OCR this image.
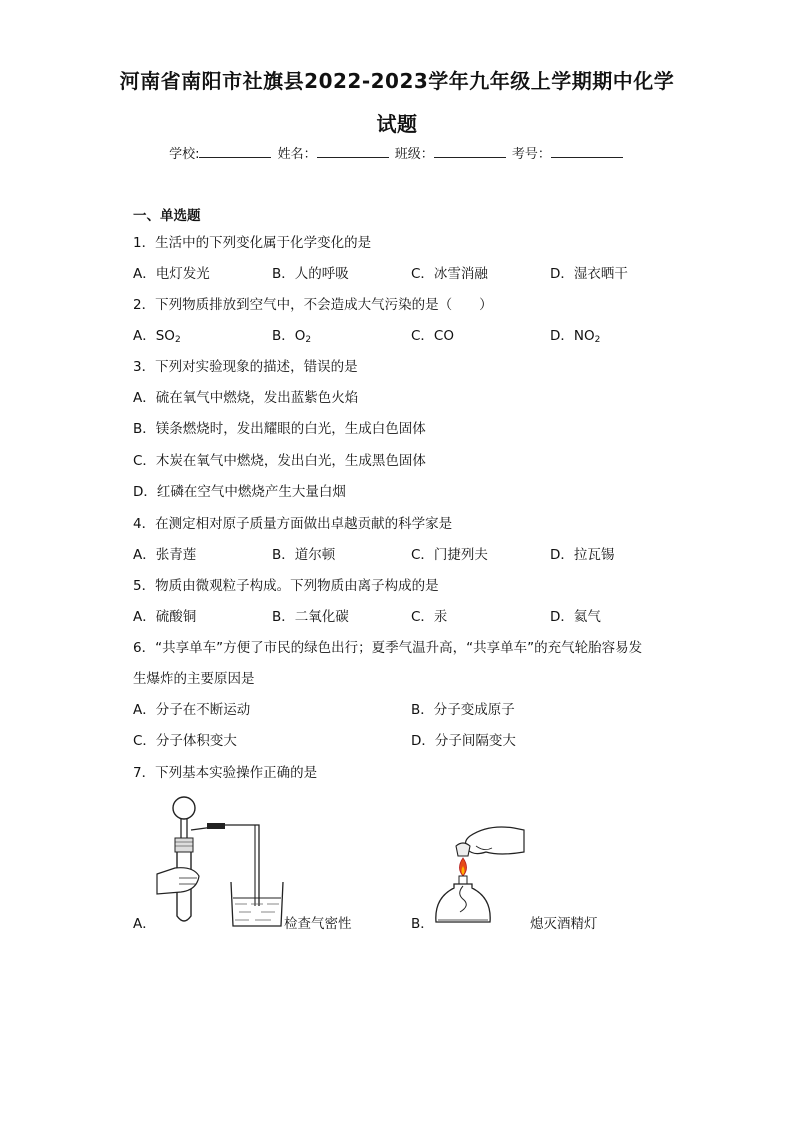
河南省南阳市社旗县2022-2023学年九年级上学期期中化学
试题
学校:	姓名：	班级：	考号：
一、单选题
1．生活中的下列变化属于化学变化的是
A．电灯发光	B．人的呼吸	C．冰雪消融	D．湿衣晒干
2．下列物质排放到空气中，不会造成大气污染的是（　　）
A．$SO_2$	B．$O_2$	C．CO	D．$NO_2$
3．下列对实验现象的描述，错误的是
A．硫在氧气中燃烧，发出蓝紫色火焰
B．镁条燃烧时，发出耀眼的白光，生成白色固体
C．木炭在氧气中燃烧，发出白光，生成黑色固体
D．红磷在空气中燃烧产生大量白烟
4．在测定相对原子质量方面做出卓越贡献的科学家是
A．张青莲	B．道尔顿	C．门捷列夫	D．拉瓦锡
5．物质由微观粒子构成。下列物质由离子构成的是
A．硫酸铜	B．二氧化碳	C．汞	D．氦气
6．“共享单车”方便了市民的绿色出行；夏季气温升高，“共享单车”的充气轮胎容易发
生爆炸的主要原因是
A．分子在不断运动	B．分子变成原子
C．分子体积变大	D．分子间隔变大
7．下列基本实验操作正确的是
A．	检查气密性	B．	熄灭酒精灯
